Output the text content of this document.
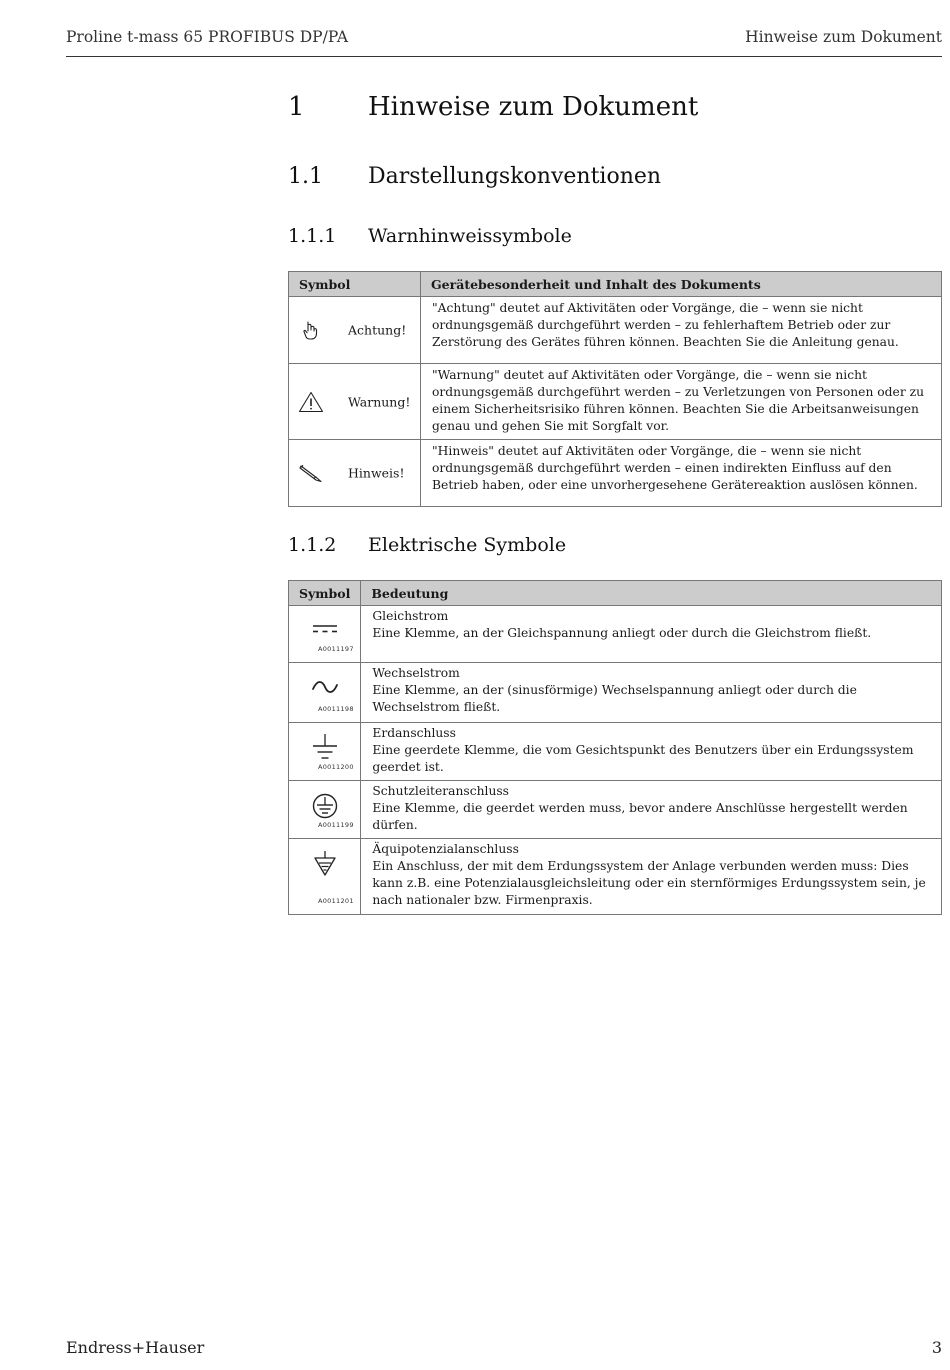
Proline t-mass 65 PROFIBUS DP/PA	Hinweise zum Dokument
1 Hinweise zum Dokument
1.1 Darstellungskonventionen
1.1.1 Warnhinweissymbole
Symbol	Gerätebesonderheit und Inhalt des Dokuments

Achtung!	"Achtung" deutet auf Aktivitäten oder Vorgänge, die – wenn sie nicht ordnungsgemäß durchgeführt werden – zu fehlerhaftem Betrieb oder zur Zerstörung des Gerätes führen können. Beachten Sie die Anleitung genau.

Warnung!	"Warnung" deutet auf Aktivitäten oder Vorgänge, die – wenn sie nicht ordnungsgemäß durchgeführt werden – zu Verletzungen von Personen oder zu einem Sicherheitsrisiko führen können. Beachten Sie die Arbeitsanweisungen genau und gehen Sie mit Sorgfalt vor.

Hinweis!	"Hinweis" deutet auf Aktivitäten oder Vorgänge, die – wenn sie nicht ordnungsgemäß durchgeführt werden – einen indirekten Einfluss auf den Betrieb haben, oder eine unvorhergesehene Gerätereaktion auslösen können.
1.1.2 Elektrische Symbole
Symbol	Bedeutung

A0011197	Gleichstrom
Eine Klemme, an der Gleichspannung anliegt oder durch die Gleichstrom fließt.

A0011198	Wechselstrom
Eine Klemme, an der (sinusförmige) Wechselspannung anliegt oder durch die Wechselstrom fließt.

A0011200	Erdanschluss
Eine geerdete Klemme, die vom Gesichtspunkt des Benutzers über ein Erdungssystem geerdet ist.

A0011199	Schutzleiteranschluss
Eine Klemme, die geerdet werden muss, bevor andere Anschlüsse hergestellt werden dürfen.

A0011201	Äquipotenzialanschluss
Ein Anschluss, der mit dem Erdungssystem der Anlage verbunden werden muss: Dies kann z.B. eine Potenzialausgleichsleitung oder ein sternförmiges Erdungssystem sein, je nach nationaler bzw. Firmenpraxis.
Endress+Hauser	3
